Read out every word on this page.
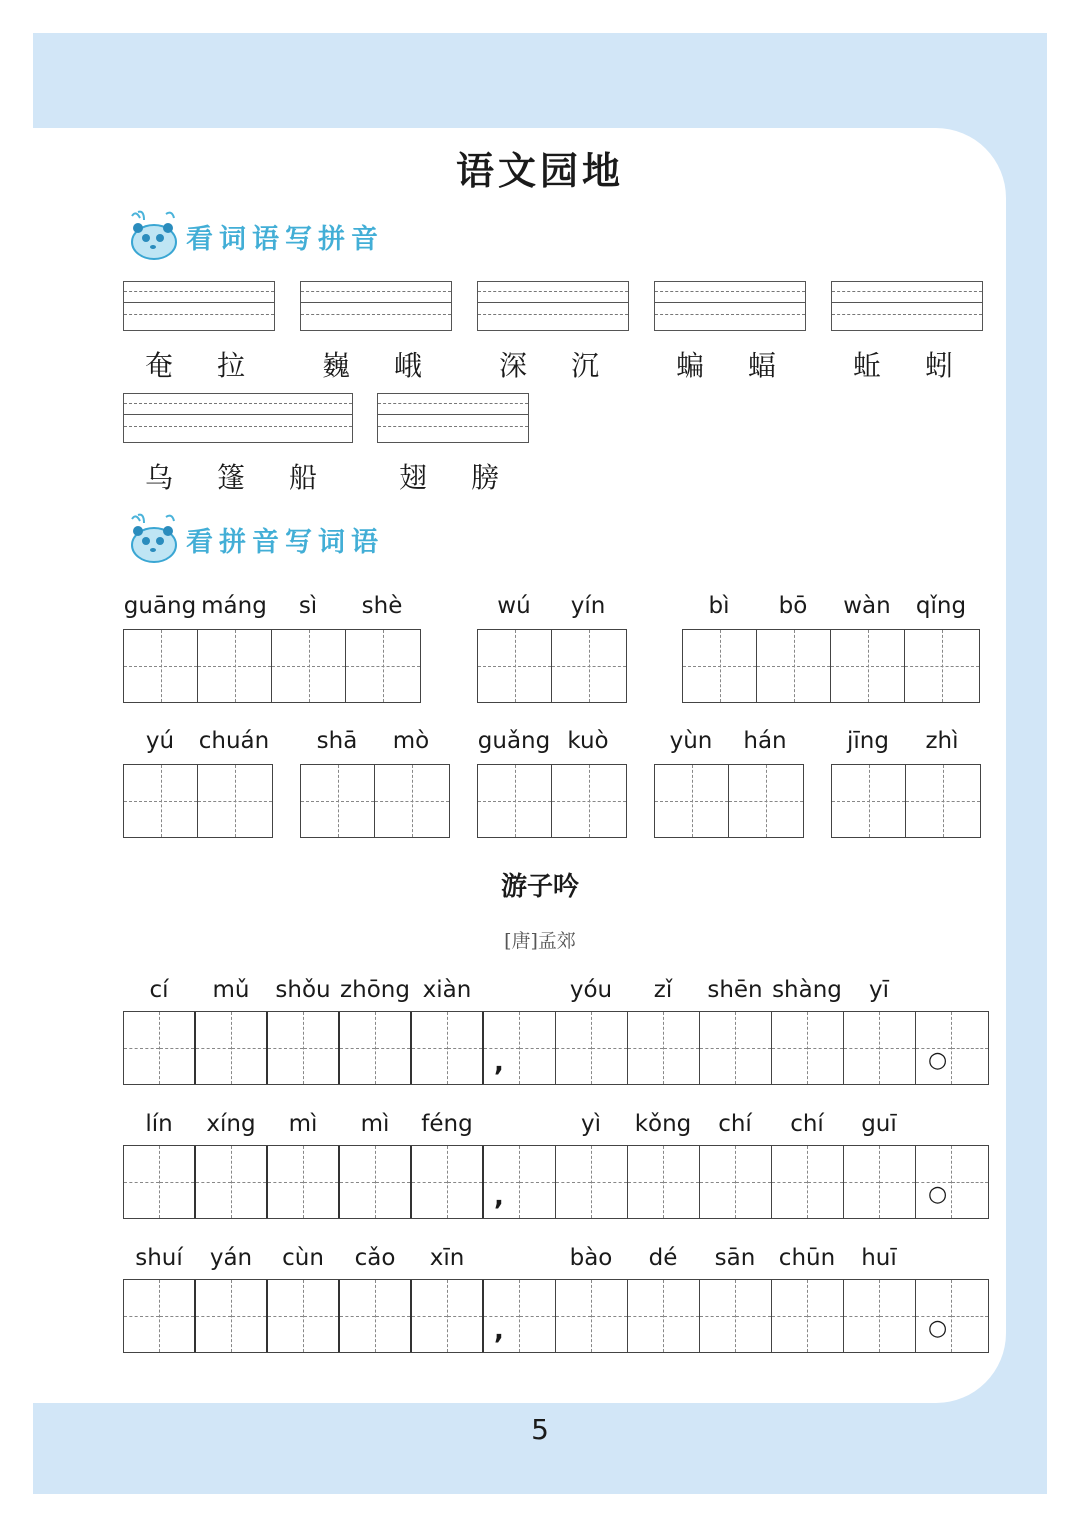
语文园地
看词语写拼音
奄	拉	巍	峨	深	沉	蝙	蝠	蚯	蚓
乌	篷	船	翅	膀
看拼音写词语
guāng máng	sì	shè	wú	yín	bì	bō	wàn	qǐng
yú	chuán	shā	mò	guǎng kuò	yùn	hán	jīng	zhì
游子吟
[唐]孟郊
,	○
cí	mǔ	shǒu zhōng xiàn	yóu	zǐ	shēn shàng	yī
,	○
lín	xíng	mì	mì	féng	yì	kǒng	chí	chí	guī
,	○
shuí	yán	cùn	cǎo	xīn	bào	dé	sān	chūn	huī
5
